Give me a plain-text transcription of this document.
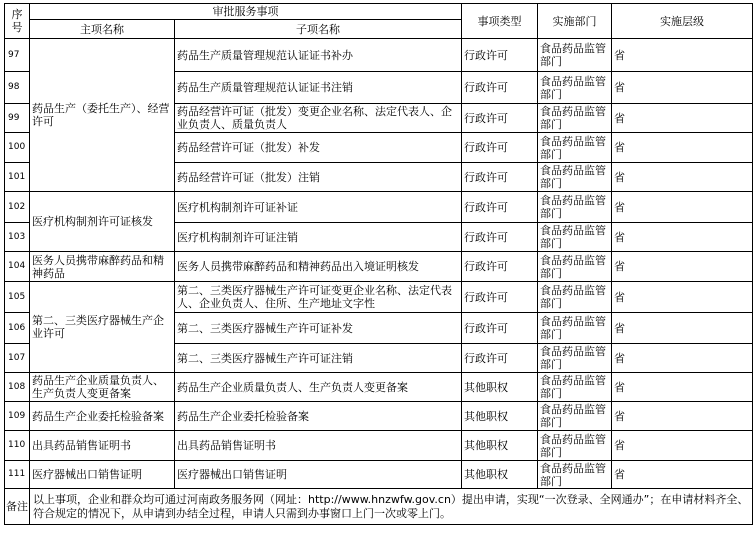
序号	审批服务事项		事项类型	实施部门	实施层级
	主项名称	子项名称			
97	药品生产（委托生产）、经营许可	药品生产质量管理规范认证证书补办	行政许可	食品药品监管部门	省
98		药品生产质量管理规范认证证书注销	行政许可	食品药品监管部门	省
99		药品经营许可证（批发）变更企业名称、法定代表人、企业负责人、质量负责人	行政许可	食品药品监管部门	省
100		药品经营许可证（批发）补发	行政许可	食品药品监管部门	省
101		药品经营许可证（批发）注销	行政许可	食品药品监管部门	省
102	医疗机构制剂许可证核发	医疗机构制剂许可证补证	行政许可	食品药品监管部门	省
103		医疗机构制剂许可证注销	行政许可	食品药品监管部门	省
104	医务人员携带麻醉药品和精神药品	医务人员携带麻醉药品和精神药品出入境证明核发	行政许可	食品药品监管部门	省
105	第二、三类医疗器械生产企业许可	第二、三类医疗器械生产许可证变更企业名称、法定代表人、企业负责人、住所、生产地址文字性	行政许可	食品药品监管部门	省
106		第二、三类医疗器械生产许可证补发	行政许可	食品药品监管部门	省
107		第二、三类医疗器械生产许可证注销	行政许可	食品药品监管部门	省
108	药品生产企业质量负责人、生产负责人变更备案	药品生产企业质量负责人、生产负责人变更备案	其他职权	食品药品监管部门	省
109	药品生产企业委托检验备案	药品生产企业委托检验备案	其他职权	食品药品监管部门	省
110	出具药品销售证明书	出具药品销售证明书	其他职权	食品药品监管部门	省
111	医疗器械出口销售证明	医疗器械出口销售证明	其他职权	食品药品监管部门	省
备注	以上事项，企业和群众均可通过河南政务服务网（网址：http://www.hnzwfw.gov.cn）提出申请，实现“一次登录、全网通办”；在申请材料齐全、符合规定的情况下，从申请到办结全过程，申请人只需到办事窗口上门一次或零上门。				
